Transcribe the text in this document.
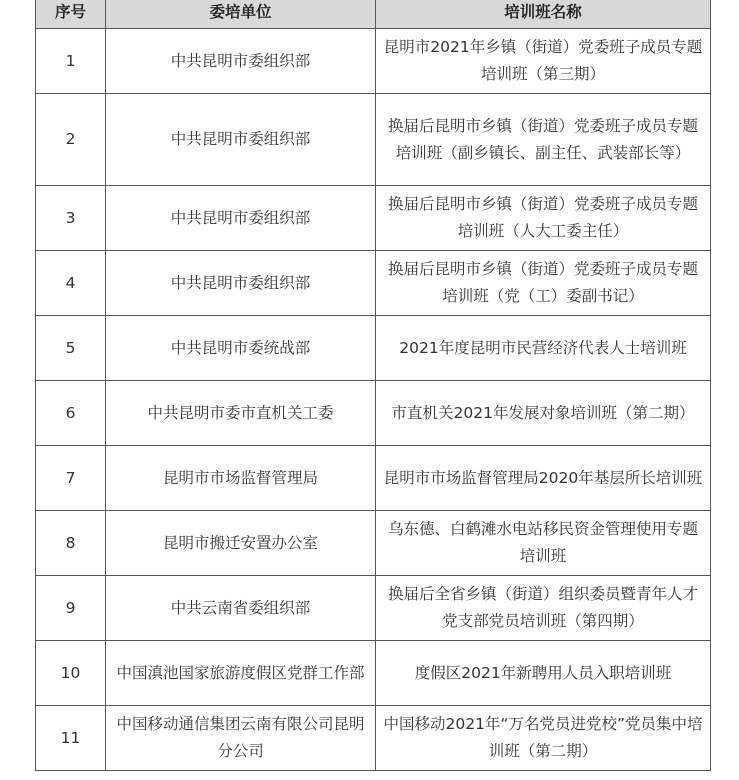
序号	委培单位	培训班名称
1	中共昆明市委组织部	昆明市2021年乡镇（街道）党委班子成员专题培训班（第三期）
2	中共昆明市委组织部	换届后昆明市乡镇（街道）党委班子成员专题培训班（副乡镇长、副主任、武装部长等）
3	中共昆明市委组织部	换届后昆明市乡镇（街道）党委班子成员专题培训班（人大工委主任）
4	中共昆明市委组织部	换届后昆明市乡镇（街道）党委班子成员专题培训班（党（工）委副书记）
5	中共昆明市委统战部	2021年度昆明市民营经济代表人士培训班
6	中共昆明市委市直机关工委	市直机关2021年发展对象培训班（第二期）
7	昆明市市场监督管理局	昆明市市场监督管理局2020年基层所长培训班
8	昆明市搬迁安置办公室	乌东德、白鹤滩水电站移民资金管理使用专题培训班
9	中共云南省委组织部	换届后全省乡镇（街道）组织委员暨青年人才党支部党员培训班（第四期）
10	中国滇池国家旅游度假区党群工作部	度假区2021年新聘用人员入职培训班
11	中国移动通信集团云南有限公司昆明分公司	中国移动2021年“万名党员进党校”党员集中培训班（第二期）
